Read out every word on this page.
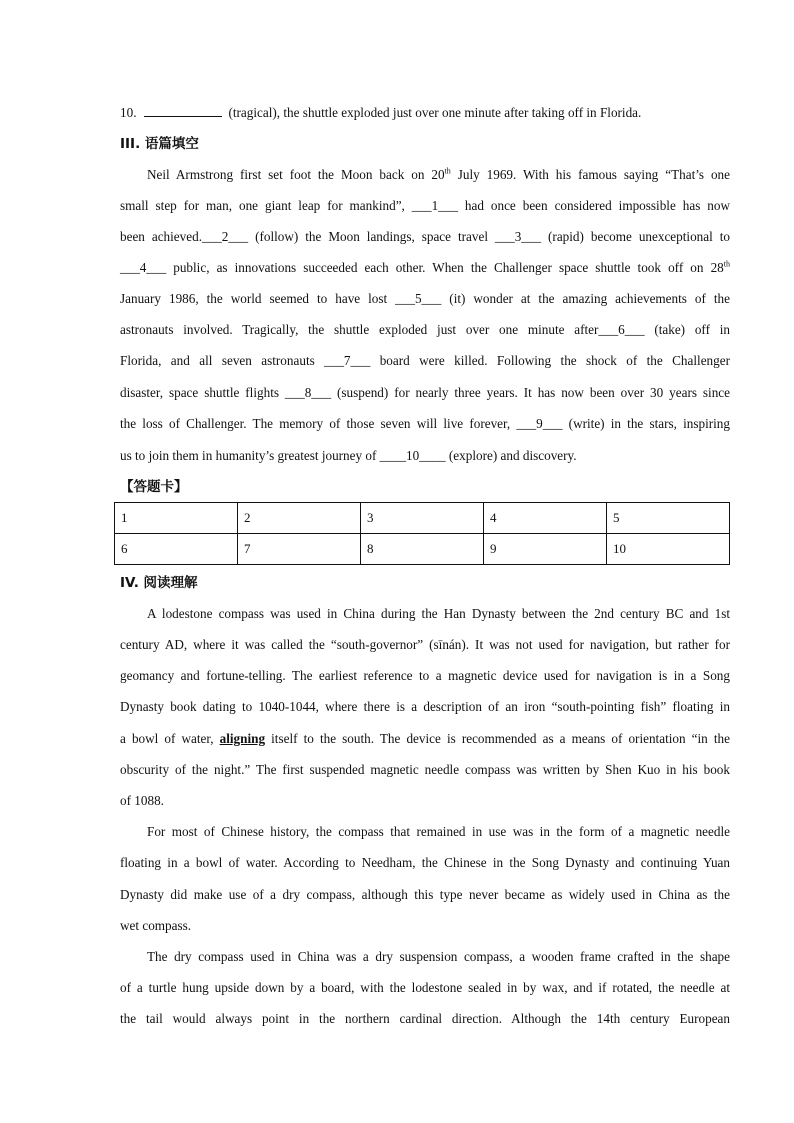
10.	(tragical), the shuttle exploded just over one minute after taking off in Florida.
III. 语篇填空
Neil Armstrong first set foot the Moon back on 20th July 1969. With his famous saying “That’s one
small step for man, one giant leap for mankind”, ___1___ had once been considered impossible has now
been achieved.___2___ (follow) the Moon landings, space travel ___3___ (rapid) become unexceptional to
___4___ public, as innovations succeeded each other. When the Challenger space shuttle took off on 28th
January 1986, the world seemed to have lost ___5___ (it) wonder at the amazing achievements of the
astronauts involved. Tragically, the shuttle exploded just over one minute after___6___ (take) off in
Florida, and all seven astronauts ___7___ board were killed. Following the shock of the Challenger
disaster, space shuttle flights ___8___ (suspend) for nearly three years. It has now been over 30 years since
the loss of Challenger. The memory of those seven will live forever, ___9___ (write) in the stars, inspiring
us to join them in humanity’s greatest journey of ____10____ (explore) and discovery.
【答题卡】
1	2	3	4	5
6	7	8	9	10
IV. 阅读理解
A lodestone compass was used in China during the Han Dynasty between the 2nd century BC and 1st
century AD, where it was called the “south-governor” (sīnán). It was not used for navigation, but rather for
geomancy and fortune-telling. The earliest reference to a magnetic device used for navigation is in a Song
Dynasty book dating to 1040-1044, where there is a description of an iron “south-pointing fish” floating in
a bowl of water, aligning itself to the south. The device is recommended as a means of orientation “in the
obscurity of the night.” The first suspended magnetic needle compass was written by Shen Kuo in his book
of 1088.
For most of Chinese history, the compass that remained in use was in the form of a magnetic needle
floating in a bowl of water. According to Needham, the Chinese in the Song Dynasty and continuing Yuan
Dynasty did make use of a dry compass, although this type never became as widely used in China as the
wet compass.
The dry compass used in China was a dry suspension compass, a wooden frame crafted in the shape
of a turtle hung upside down by a board, with the lodestone sealed in by wax, and if rotated, the needle at
the tail would always point in the northern cardinal direction. Although the 14th century European
